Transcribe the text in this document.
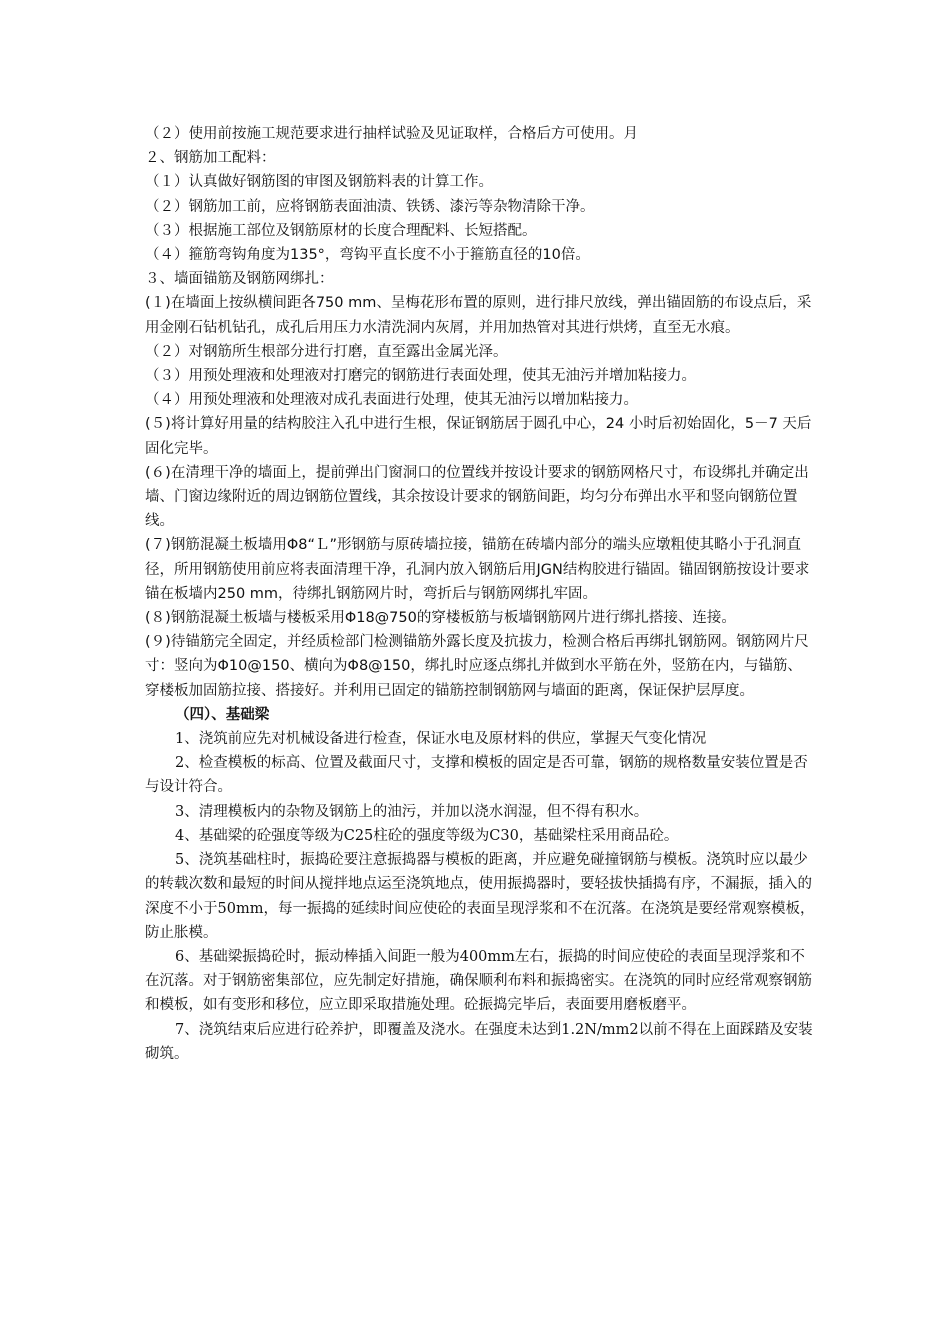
（２）使用前按施工规范要求进行抽样试验及见证取样，合格后方可使用。月

２、钢筋加工配料：

（１）认真做好钢筋图的审图及钢筋料表的计算工作。

（２）钢筋加工前，应将钢筋表面油渍、铁锈、漆污等杂物清除干净。

（３）根据施工部位及钢筋原材的长度合理配料、长短搭配。

（４）箍筋弯钩角度为135°，弯钩平直长度不小于箍筋直径的10倍。

３、墙面锚筋及钢筋网绑扎：

(１)在墙面上按纵横间距各750 mm、呈梅花形布置的原则，进行排尺放线，弹出锚固筋的布设点后，采用金刚石钻机钻孔，成孔后用压力水清洗洞内灰屑，并用加热管对其进行烘烤，直至无水痕。

（２）对钢筋所生根部分进行打磨，直至露出金属光泽。

（３）用预处理液和处理液对打磨完的钢筋进行表面处理，使其无油污并增加粘接力。

（４）用预处理液和处理液对成孔表面进行处理，使其无油污以增加粘接力。

(５)将计算好用量的结构胶注入孔中进行生根，保证钢筋居于圆孔中心，24 小时后初始固化，5－7 天后固化完毕。

(６)在清理干净的墙面上，提前弹出门窗洞口的位置线并按设计要求的钢筋网格尺寸，布设绑扎并确定出墙、门窗边缘附近的周边钢筋位置线，其余按设计要求的钢筋间距，均匀分布弹出水平和竖向钢筋位置线。

(７)钢筋混凝土板墙用Φ8“Ｌ”形钢筋与原砖墙拉接，锚筋在砖墙内部分的端头应墩粗使其略小于孔洞直径，所用钢筋使用前应将表面清理干净，孔洞内放入钢筋后用JGN结构胶进行锚固。锚固钢筋按设计要求锚在板墙内250 mm，待绑扎钢筋网片时，弯折后与钢筋网绑扎牢固。

(８)钢筋混凝土板墙与楼板采用Φ18@750的穿楼板筋与板墙钢筋网片进行绑扎搭接、连接。

(９)待锚筋完全固定，并经质检部门检测锚筋外露长度及抗拔力，检测合格后再绑扎钢筋网。钢筋网片尺寸：竖向为Φ10@150、横向为Φ8@150，绑扎时应逐点绑扎并做到水平筋在外，竖筋在内，与锚筋、穿楼板加固筋拉接、搭接好。并利用已固定的锚筋控制钢筋网与墙面的距离，保证保护层厚度。

（四）、基础梁

1、浇筑前应先对机械设备进行检查，保证水电及原材料的供应，掌握天气变化情况

2、检查模板的标高、位置及截面尺寸，支撑和模板的固定是否可靠，钢筋的规格数量安装位置是否与设计符合。

3、清理模板内的杂物及钢筋上的油污，并加以浇水润湿，但不得有积水。

4、基础梁的砼强度等级为C25柱砼的强度等级为C30，基础梁柱采用商品砼。

5、浇筑基础柱时，振捣砼要注意振捣器与模板的距离，并应避免碰撞钢筋与模板。浇筑时应以最少的转载次数和最短的时间从搅拌地点运至浇筑地点，使用振捣器时，要轻拔快插捣有序，不漏振，插入的深度不小于50mm，每一振捣的延续时间应使砼的表面呈现浮浆和不在沉落。在浇筑是要经常观察模板，防止胀模。

6、基础梁振捣砼时，振动棒插入间距一般为400mm左右，振捣的时间应使砼的表面呈现浮浆和不在沉落。对于钢筋密集部位，应先制定好措施，确保顺利布料和振捣密实。在浇筑的同时应经常观察钢筋和模板，如有变形和移位，应立即采取措施处理。砼振捣完毕后，表面要用磨板磨平。

7、浇筑结束后应进行砼养护，即覆盖及浇水。在强度未达到1.2N/mm2以前不得在上面踩踏及安装砌筑。
